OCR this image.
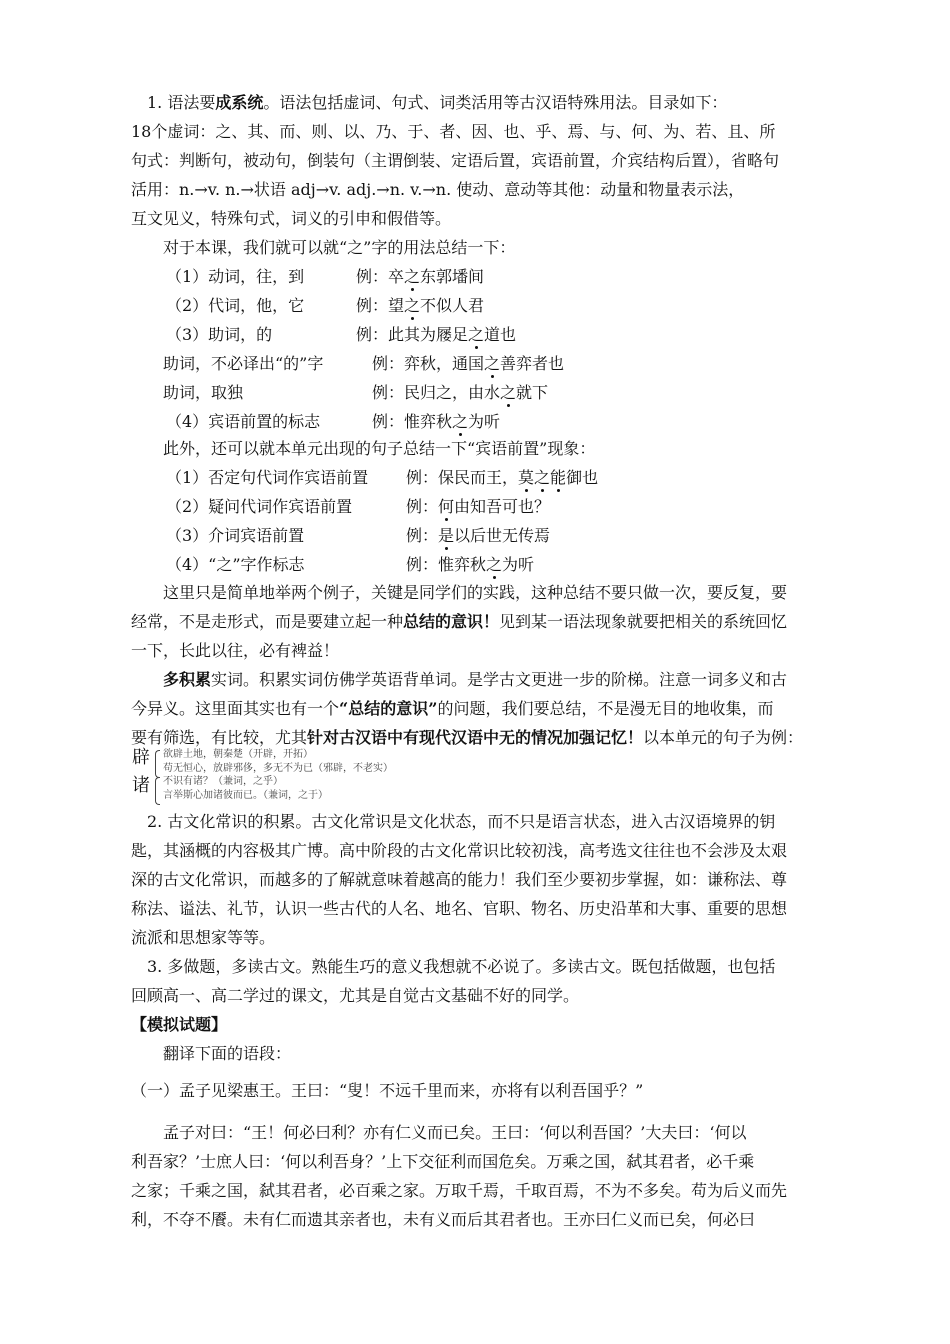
1. 语法要成系统。语法包括虚词、句式、词类活用等古汉语特殊用法。目录如下：
18个虚词：之、其、而、则、以、乃、于、者、因、也、乎、焉、与、何、为、若、且、所
句式：判断句，被动句，倒装句（主谓倒装、定语后置，宾语前置，介宾结构后置），省略句
活用：n.→v. n.→状语 adj→v. adj.→n. v.→n. 使动、意动等其他：动量和物量表示法，
互文见义，特殊句式，词义的引申和假借等。
对于本课，我们就可以就“之”字的用法总结一下：
（1）动词，往，到	例：卒之东郭墦间
（2）代词，他，它	例：望之不似人君
（3）助词，的	例：此其为屦足之道也
助词，不必译出“的”字	例：弈秋，通国之善弈者也
助词，取独	例：民归之，由水之就下
（4）宾语前置的标志	例：惟弈秋之为听
此外，还可以就本单元出现的句子总结一下“宾语前置”现象：
（1）否定句代词作宾语前置 例：保民而王，莫之能御也
（2）疑问代词作宾语前置	例：何由知吾可也？
（3）介词宾语前置	例：是以后世无传焉
（4）“之”字作标志	例：惟弈秋之为听
这里只是简单地举两个例子，关键是同学们的实践，这种总结不要只做一次，要反复，要
经常，不是走形式，而是要建立起一种总结的意识！见到某一语法现象就要把相关的系统回忆
一下，长此以往，必有裨益！
多积累实词。积累实词仿佛学英语背单词。是学古文更进一步的阶梯。注意一词多义和古
今异义。这里面其实也有一个“总结的意识”的问题，我们要总结，不是漫无目的地收集，而
要有筛选，有比较，尤其针对古汉语中有现代汉语中无的情况加强记忆！以本单元的句子为例：
辟 欲辟土地，朝秦楚（开辟，开拓）
苟无恒心，放辟邪侈，多无不为已（邪辟，不老实）
诸 不识有诸？（兼词，之乎）
言举斯心加诸彼而已。（兼词，之于）
2. 古文化常识的积累。古文化常识是文化状态，而不只是语言状态，进入古汉语境界的钥
匙，其涵概的内容极其广博。高中阶段的古文化常识比较初浅，高考选文往往也不会涉及太艰
深的古文化常识，而越多的了解就意味着越高的能力！我们至少要初步掌握，如：谦称法、尊
称法、谥法、礼节，认识一些古代的人名、地名、官职、物名、历史沿革和大事、重要的思想
流派和思想家等等。
3. 多做题，多读古文。熟能生巧的意义我想就不必说了。多读古文。既包括做题，也包括
回顾高一、高二学过的课文，尤其是自觉古文基础不好的同学。
【模拟试题】
翻译下面的语段：
（一）孟子见梁惠王。王曰：“叟！不远千里而来，亦将有以利吾国乎？”
孟子对曰：“王！何必曰利？亦有仁义而已矣。王曰：‘何以利吾国？’大夫曰：‘何以
利吾家？’士庶人曰：‘何以利吾身？’上下交征利而国危矣。万乘之国，弑其君者，必千乘
之家；千乘之国，弑其君者，必百乘之家。万取千焉，千取百焉，不为不多矣。苟为后义而先
利，不夺不餍。未有仁而遗其亲者也，未有义而后其君者也。王亦曰仁义而已矣，何必曰
